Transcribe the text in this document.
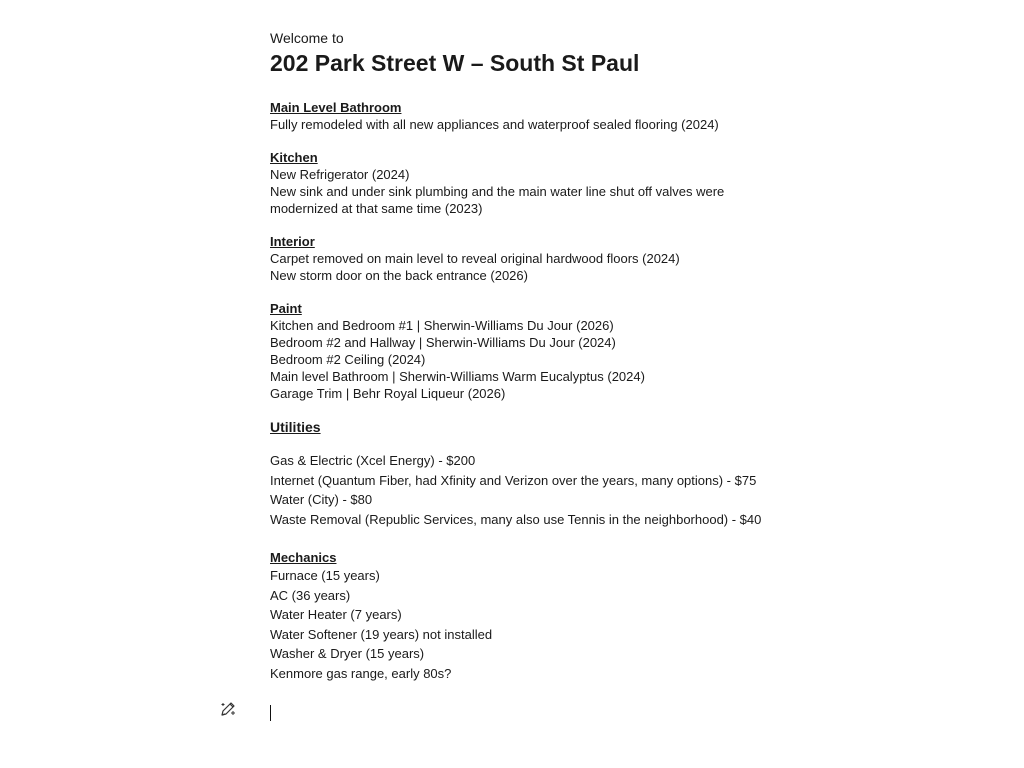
Welcome to

202 Park Street W – South St Paul

Main Level Bathroom

Fully remodeled with all new appliances and waterproof sealed flooring (2024)

Kitchen

New Refrigerator (2024)

New sink and under sink plumbing and the main water line shut off valves were

modernized at that same time (2023)

Interior

Carpet removed on main level to reveal original hardwood floors (2024)

New storm door on the back entrance (2026)

Paint

Kitchen and Bedroom #1 | Sherwin-Williams Du Jour (2026)

Bedroom #2 and Hallway | Sherwin-Williams Du Jour (2024)

Bedroom #2 Ceiling (2024)

Main level Bathroom | Sherwin-Williams Warm Eucalyptus (2024)

Garage Trim | Behr Royal Liqueur (2026)

Utilities

Gas & Electric (Xcel Energy) - $200

Internet (Quantum Fiber, had Xfinity and Verizon over the years, many options) - $75

Water (City) - $80

Waste Removal (Republic Services, many also use Tennis in the neighborhood) - $40

Mechanics

Furnace (15 years)

AC (36 years)

Water Heater (7 years)

Water Softener (19 years) not installed

Washer & Dryer (15 years)

Kenmore gas range, early 80s?
